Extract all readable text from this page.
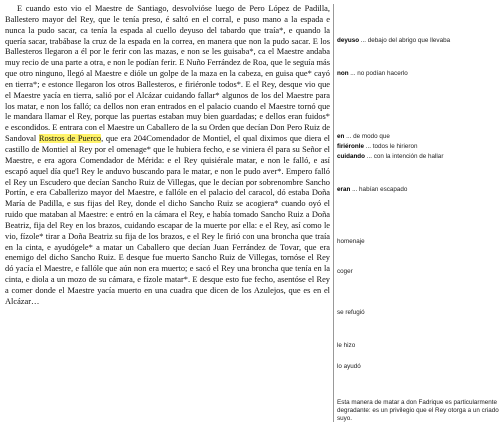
E cuando esto vio el Maestre de Santiago, desvolvióse luego de Pero López de Padilla, Ballestero mayor del Rey, que le tenía preso, é saltó en el corral, e puso mano a la espada e nunca la pudo sacar, ca tenía la espada al cuello deyuso del tabardo que traía*, e quando la quería sacar, trabábase la cruz de la espada en la correa, en manera que non la pudo sacar. E los Ballesteros llegaron a él por le ferir con las mazas, e non se les guisaba*, ca el Maestre andaba muy recio de una parte a otra, e non le podían ferir. E Nuño Ferrández de Roa, que le seguía más que otro ninguno, llegó al Maestre e dióle un golpe de la maza en la cabeza, en guisa que* cayó en tierra*; e estonce llegaron los otros Ballesteros, e firiéronle todos*. E el Rey, desque vio que el Maestre yacía en tierra, salió por el Alcázar cuidando fallar* algunos de los del Maestre para los matar, e non los falló; ca dellos non eran entrados en el palacio cuando el Maestre tornó que le mandara llamar el Rey, porque las puertas estaban muy bien guardadas; e dellos eran fuidos* e escondidos. E entrara con el Maestre un Caballero de la su Orden que decían Don Pero Ruiz de Sandoval Rostros de Puerco, que era 204Comendador de Montiel, el qual diximos que diera el castillo de Montiel al Rey por el omenage* que le hubiera fecho, e se viniera él para su Señor el Maestre, e era agora Comendador de Mérida: e el Rey quisiérale matar, e non le falló, e así escapó aquel día que'l Rey le anduvo buscando para le matar, e non le pudo aver*. Empero falló el Rey un Escudero que decían Sancho Ruiz de Villegas, que le decían por sobrenombre Sancho Portín, e era Caballerizo mayor del Maestre, e fallóle en el palacio del caracol, dó estaba Doña María de Padilla, e sus fijas del Rey, donde el dicho Sancho Ruiz se acogiera* cuando oyó el ruido que mataban al Maestre: e entró en la cámara el Rey, e había tomado Sancho Ruiz a Doña Beatriz, fija del Rey en los brazos, cuidando escapar de la muerte por ella: e el Rey, así como le vio, fízole* tirar a Doña Beatriz su fija de los brazos, e el Rey le firió con una broncha que traía en la cinta, e ayudógele* a matar un Caballero que decían Juan Ferrández de Tovar, que era enemigo del dicho Sancho Ruiz. E desque fue muerto Sancho Ruiz de Villegas, tornóse el Rey dó yacía el Maestre, e fallóle que aún non era muerto; e sacó el Rey una broncha que tenía en la cinta, e diola a un mozo de su cámara, e fízole matar*. E desque esto fue fecho, asentóse el Rey a comer donde el Maestre yacía muerto en una cuadra que dicen de los Azulejos, que es en el Alcázar…

deyuso ... debajo del abrigo que llevaba

non ... no podían hacerlo

en ... de modo que

firiéronle ... todos le hirieron

cuidando ... con la intención de hallar

eran ... habían escapado

homenaje

coger

se refugió

le hizo

lo ayudó

Esta manera de matar a don Fadrique es particularmente degradante: es un privilegio que el Rey otorga a un criado suyo.
